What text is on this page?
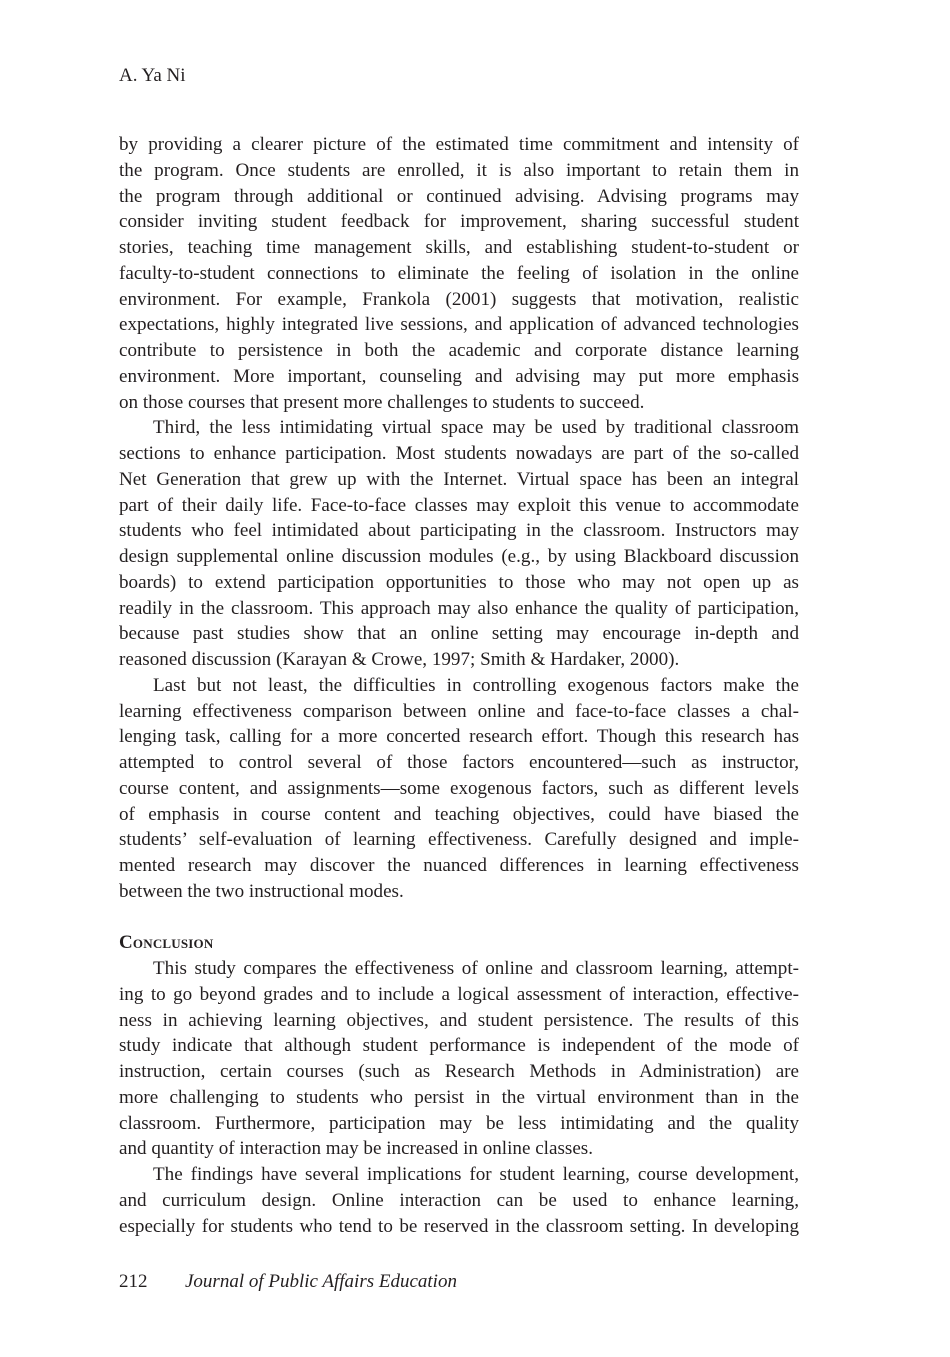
A. Ya Ni
by providing a clearer picture of the estimated time commitment and intensity of
the program. Once students are enrolled, it is also important to retain them in
the program through additional or continued advising. Advising programs may
consider inviting student feedback for improvement, sharing successful student
stories, teaching time management skills, and establishing student-to-student or
faculty-to-student connections to eliminate the feeling of isolation in the online
environment. For example, Frankola (2001) suggests that motivation, realistic
expectations, highly integrated live sessions, and application of advanced technologies
contribute to persistence in both the academic and corporate distance learning
environment. More important, counseling and advising may put more emphasis
on those courses that present more challenges to students to succeed.
Third, the less intimidating virtual space may be used by traditional classroom
sections to enhance participation. Most students nowadays are part of the so-called
Net Generation that grew up with the Internet. Virtual space has been an integral
part of their daily life. Face-to-face classes may exploit this venue to accommodate
students who feel intimidated about participating in the classroom. Instructors may
design supplemental online discussion modules (e.g., by using Blackboard discussion
boards) to extend participation opportunities to those who may not open up as
readily in the classroom. This approach may also enhance the quality of participation,
because past studies show that an online setting may encourage in-depth and
reasoned discussion (Karayan & Crowe, 1997; Smith & Hardaker, 2000).
Last but not least, the difficulties in controlling exogenous factors make the
learning effectiveness comparison between online and face-to-face classes a chal-
lenging task, calling for a more concerted research effort. Though this research has
attempted to control several of those factors encountered—such as instructor,
course content, and assignments—some exogenous factors, such as different levels
of emphasis in course content and teaching objectives, could have biased the
students’ self-evaluation of learning effectiveness. Carefully designed and imple-
mented research may discover the nuanced differences in learning effectiveness
between the two instructional modes.
Conclusion
This study compares the effectiveness of online and classroom learning, attempt-
ing to go beyond grades and to include a logical assessment of interaction, effective-
ness in achieving learning objectives, and student persistence. The results of this
study indicate that although student performance is independent of the mode of
instruction, certain courses (such as Research Methods in Administration) are
more challenging to students who persist in the virtual environment than in the
classroom. Furthermore, participation may be less intimidating and the quality
and quantity of interaction may be increased in online classes.
The findings have several implications for student learning, course development,
and curriculum design. Online interaction can be used to enhance learning,
especially for students who tend to be reserved in the classroom setting. In developing
212 Journal of Public Affairs Education
